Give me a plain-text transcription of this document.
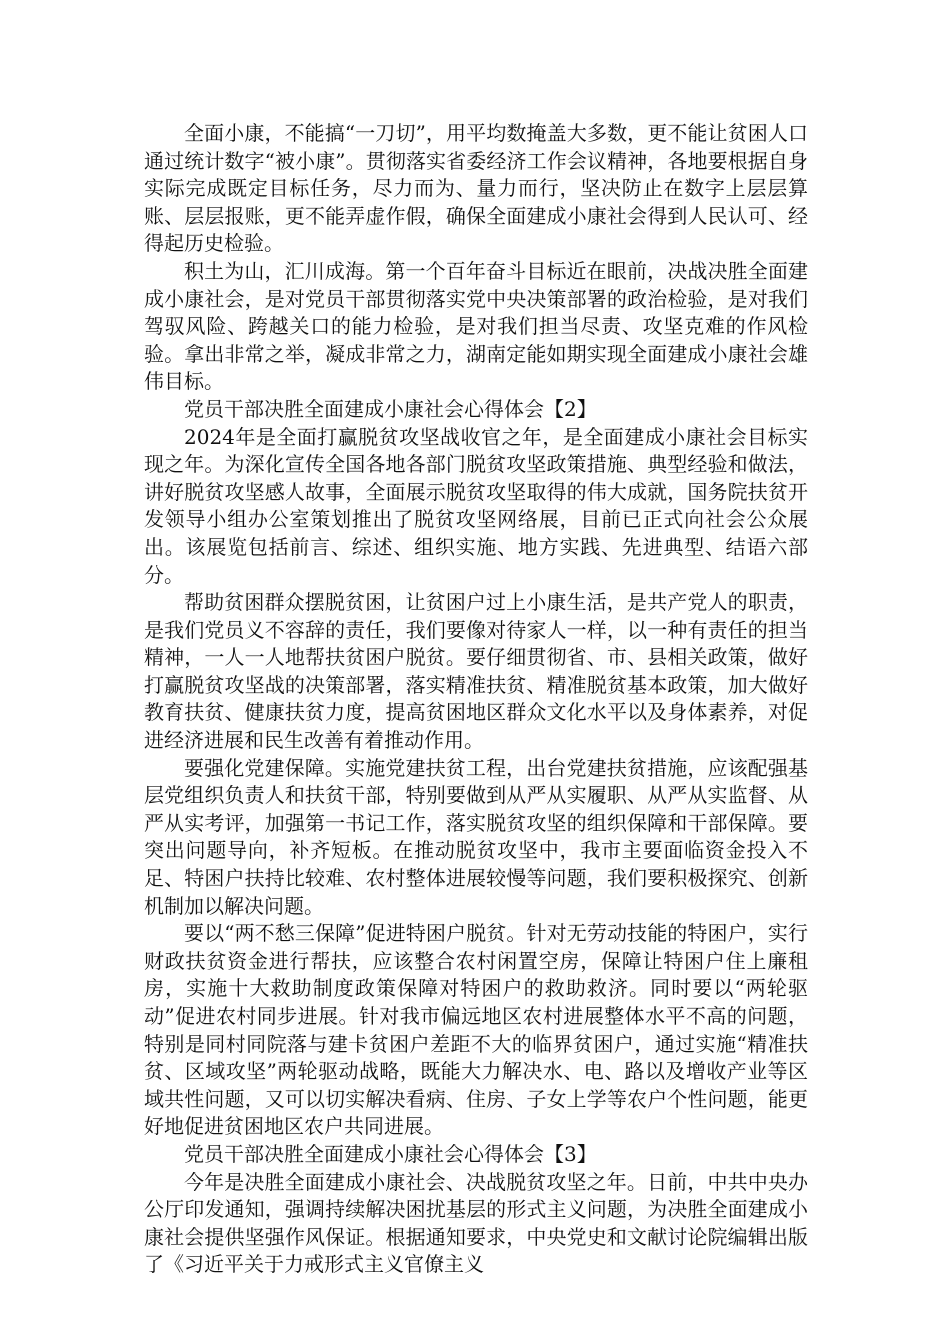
全面小康，不能搞“一刀切”，用平均数掩盖大多数，更不能让贫困人口通过统计数字“被小康”。贯彻落实省委经济工作会议精神，各地要根据自身实际完成既定目标任务，尽力而为、量力而行，坚决防止在数字上层层算账、层层报账，更不能弄虚作假，确保全面建成小康社会得到人民认可、经得起历史检验。

积土为山，汇川成海。第一个百年奋斗目标近在眼前，决战决胜全面建成小康社会，是对党员干部贯彻落实党中央决策部署的政治检验，是对我们驾驭风险、跨越关口的能力检验，是对我们担当尽责、攻坚克难的作风检验。拿出非常之举，凝成非常之力，湖南定能如期实现全面建成小康社会雄伟目标。

党员干部决胜全面建成小康社会心得体会【2】

2024年是全面打赢脱贫攻坚战收官之年，是全面建成小康社会目标实现之年。为深化宣传全国各地各部门脱贫攻坚政策措施、典型经验和做法，讲好脱贫攻坚感人故事，全面展示脱贫攻坚取得的伟大成就，国务院扶贫开发领导小组办公室策划推出了脱贫攻坚网络展，目前已正式向社会公众展出。该展览包括前言、综述、组织实施、地方实践、先进典型、结语六部分。

帮助贫困群众摆脱贫困，让贫困户过上小康生活，是共产党人的职责，是我们党员义不容辞的责任，我们要像对待家人一样，以一种有责任的担当精神，一人一人地帮扶贫困户脱贫。要仔细贯彻省、市、县相关政策，做好打赢脱贫攻坚战的决策部署，落实精准扶贫、精准脱贫基本政策，加大做好教育扶贫、健康扶贫力度，提高贫困地区群众文化水平以及身体素养，对促进经济进展和民生改善有着推动作用。

要强化党建保障。实施党建扶贫工程，出台党建扶贫措施，应该配强基层党组织负责人和扶贫干部，特别要做到从严从实履职、从严从实监督、从严从实考评，加强第一书记工作，落实脱贫攻坚的组织保障和干部保障。要突出问题导向，补齐短板。在推动脱贫攻坚中，我市主要面临资金投入不足、特困户扶持比较难、农村整体进展较慢等问题，我们要积极探究、创新机制加以解决问题。

要以“两不愁三保障”促进特困户脱贫。针对无劳动技能的特困户，实行财政扶贫资金进行帮扶，应该整合农村闲置空房，保障让特困户住上廉租房，实施十大救助制度政策保障对特困户的救助救济。同时要以“两轮驱动”促进农村同步进展。针对我市偏远地区农村进展整体水平不高的问题，特别是同村同院落与建卡贫困户差距不大的临界贫困户，通过实施“精准扶贫、区域攻坚”两轮驱动战略，既能大力解决水、电、路以及增收产业等区域共性问题，又可以切实解决看病、住房、子女上学等农户个性问题，能更好地促进贫困地区农户共同进展。

党员干部决胜全面建成小康社会心得体会【3】

今年是决胜全面建成小康社会、决战脱贫攻坚之年。日前，中共中央办公厅印发通知，强调持续解决困扰基层的形式主义问题，为决胜全面建成小康社会提供坚强作风保证。根据通知要求，中央党史和文献讨论院编辑出版了《习近平关于力戒形式主义官僚主义
